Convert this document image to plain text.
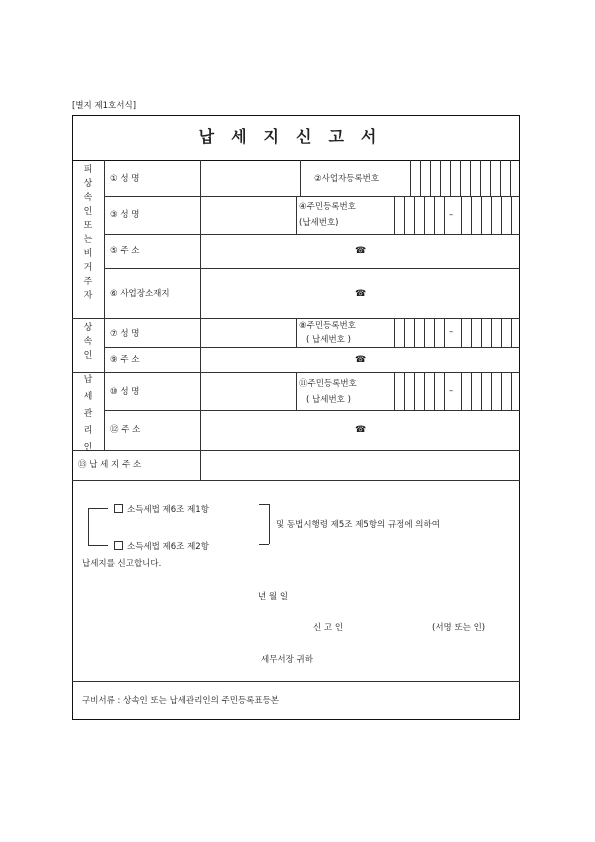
[별지 제1호서식]
납세지신고서
–
–
–
피
상
속
인
또
는
비
거
주
자
상
속
인
납
세
관
리
인
① 성 명	②사업자등록번호
③ 성 명
④주민등록번호
(납세번호)
⑤ 주 소
⑥ 사업장소재지
⑦ 성 명
⑧주민등록번호
( 납세번호 )
⑨ 주 소
⑩ 성 명
⑪주민등록번호
( 납세번호 )
⑫ 주 소
⑬ 납 세 지 주 소
☎
☎
☎
☎
소득세법 제6조 제1항
소득세법 제6조 제2항
및 동법시행령 제5조 제5항의 규정에 의하여
납세지를 신고합니다.
년 월 일
신 고 인	(서명 또는 인)
세무서장 귀하
구비서류 : 상속인 또는 납세관리인의 주민등록표등본
